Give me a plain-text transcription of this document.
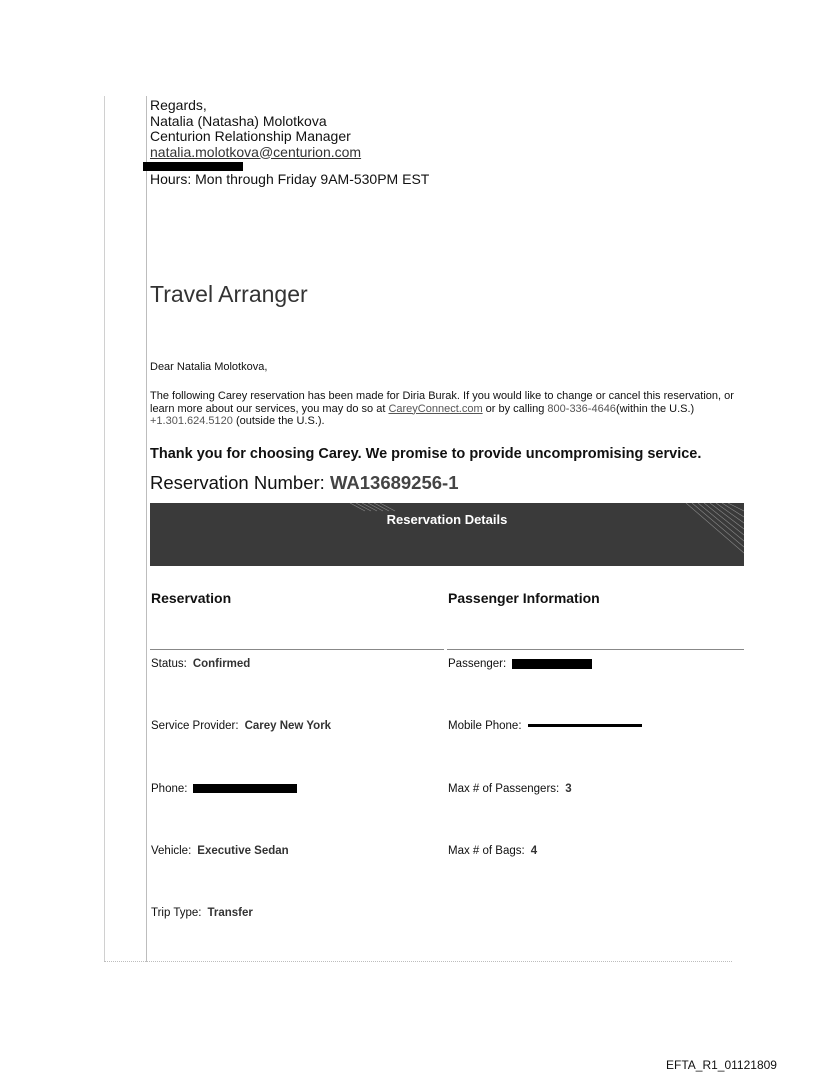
Regards,
Natalia (Natasha) Molotkova
Centurion Relationship Manager
natalia.molotkova@centurion.com
Hours: Mon through Friday 9AM-530PM EST
Travel Arranger
Dear Natalia Molotkova,
The following Carey reservation has been made for Diria Burak. If you would like to change or cancel this reservation, or learn more about our services, you may do so at CareyConnect.com or by calling 800-336-4646(within the U.S.) +1.301.624.5120 (outside the U.S.).
Thank you for choosing Carey. We promise to provide uncompromising service.
Reservation Number: WA13689256-1
Reservation Details
Reservation	Passenger Information
Status: Confirmed
Service Provider: Carey New York
Phone:
Vehicle: Executive Sedan
Trip Type: Transfer
Passenger:
Mobile Phone:
Max # of Passengers: 3
Max # of Bags: 4
EFTA_R1_01121809
